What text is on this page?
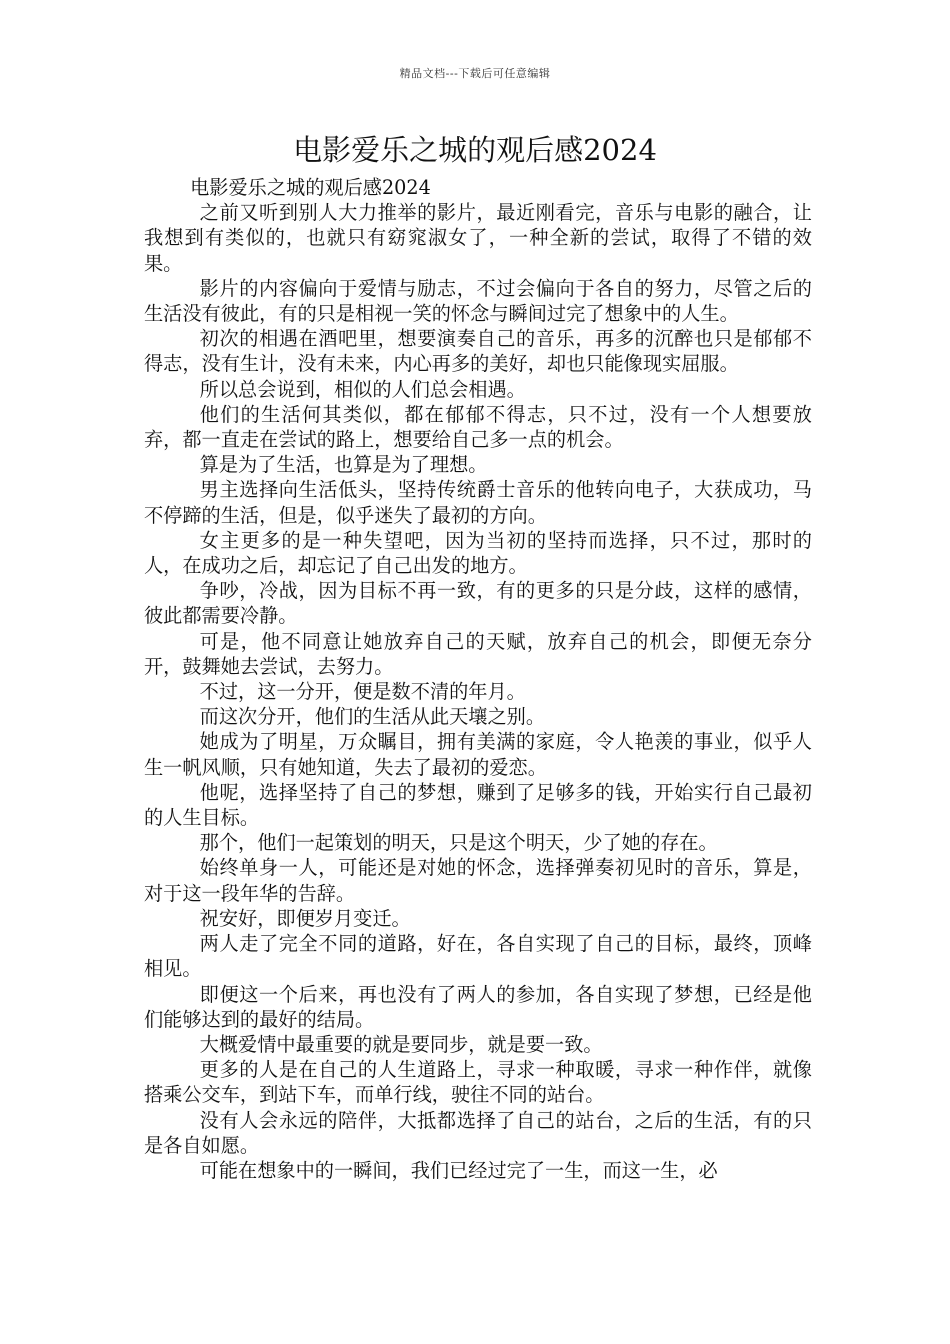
精品文档---下载后可任意编辑
电影爱乐之城的观后感2024

电影爱乐之城的观后感2024

之前又听到别人大力推举的影片，最近刚看完，音乐与电影的融合，让我想到有类似的，也就只有窈窕淑女了，一种全新的尝试，取得了不错的效果。

影片的内容偏向于爱情与励志，不过会偏向于各自的努力，尽管之后的生活没有彼此，有的只是相视一笑的怀念与瞬间过完了想象中的人生。

初次的相遇在酒吧里，想要演奏自己的音乐，再多的沉醉也只是郁郁不得志，没有生计，没有未来，内心再多的美好，却也只能像现实屈服。

所以总会说到，相似的人们总会相遇。

他们的生活何其类似，都在郁郁不得志，只不过，没有一个人想要放弃，都一直走在尝试的路上，想要给自己多一点的机会。

算是为了生活，也算是为了理想。

男主选择向生活低头，坚持传统爵士音乐的他转向电子，大获成功，马不停蹄的生活，但是，似乎迷失了最初的方向。

女主更多的是一种失望吧，因为当初的坚持而选择，只不过，那时的人，在成功之后，却忘记了自己出发的地方。

争吵，冷战，因为目标不再一致，有的更多的只是分歧，这样的感情，彼此都需要冷静。

可是，他不同意让她放弃自己的天赋，放弃自己的机会，即便无奈分开，鼓舞她去尝试，去努力。

不过，这一分开，便是数不清的年月。

而这次分开，他们的生活从此天壤之别。

她成为了明星，万众瞩目，拥有美满的家庭，令人艳羡的事业，似乎人生一帆风顺，只有她知道，失去了最初的爱恋。

他呢，选择坚持了自己的梦想，赚到了足够多的钱，开始实行自己最初的人生目标。

那个，他们一起策划的明天，只是这个明天，少了她的存在。

始终单身一人，可能还是对她的怀念，选择弹奏初见时的音乐，算是，对于这一段年华的告辞。

祝安好，即便岁月变迁。

两人走了完全不同的道路，好在，各自实现了自己的目标，最终，顶峰相见。

即便这一个后来，再也没有了两人的参加，各自实现了梦想，已经是他们能够达到的最好的结局。

大概爱情中最重要的就是要同步，就是要一致。

更多的人是在自己的人生道路上，寻求一种取暖，寻求一种作伴，就像搭乘公交车，到站下车，而单行线，驶往不同的站台。

没有人会永远的陪伴，大抵都选择了自己的站台，之后的生活，有的只是各自如愿。

可能在想象中的一瞬间，我们已经过完了一生，而这一生，必
